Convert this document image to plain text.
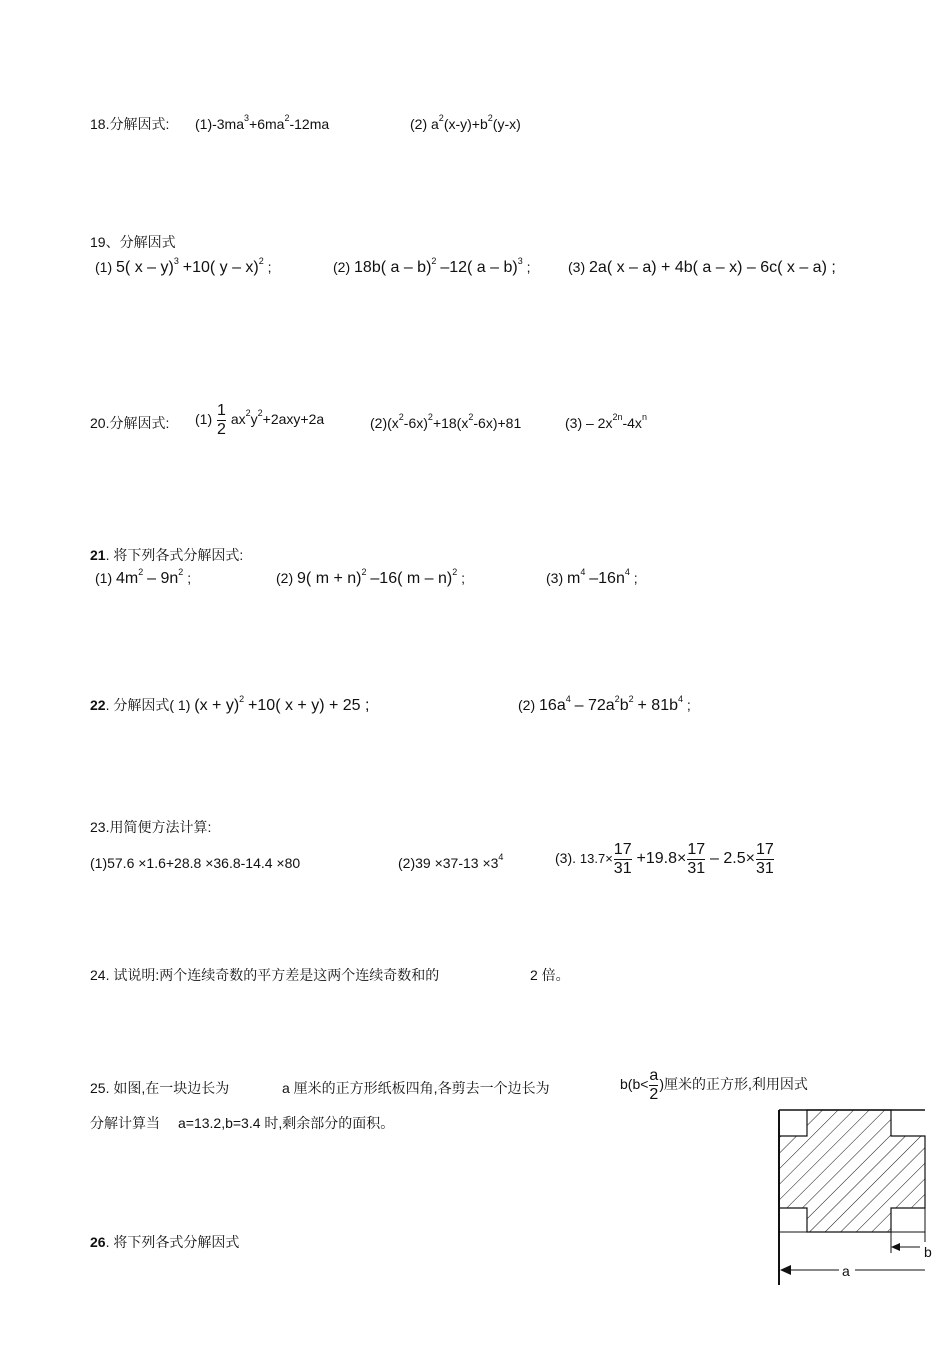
18.分解因式: $(1)-3ma^3+6ma^2-12ma$	(2) $a^2(x-y)+b^2(y-x)$
19、分解因式
(1) 5( x – y)$^3$ +10( y – x)$^2$ ;	(2) 18b( a – b)$^2$ –12( a – b)$^3$ ;	(3) 2a( x – a) + 4b( a – x) – 6c( x – a) ;
20.分解因式: $(1) \frac{1}{2} ax^2y^2+2axy+2a$	$(2)(x^2-6x)^2+18(x^2-6x)+81$	$(3) - 2x^{2n}-4x^n$
21. 将下列各式分解因式:
(1) $4m^2 - 9n^2$ ;	(2) 9( m + n)$^2$ –16( m – n)$^2$ ;	(3) $m^4$ $-16n^4$ ;
22. 分解因式( 1) $(x + y)^2 +10$( x + y) + 25 ;	(2) $16a^4 - 72a^2b^2 + 81b^4$ ;
23.用简便方法计算:
(1)57.6 ×1.6+28.8 ×36.8-14.4 ×80	$(2)39 \times 37-13 \times 3^4$	(3). $13.7\times \frac{17}{31} +19.8\times \frac{17}{31} - 2.5\times \frac{17}{31}$
24. 试说明:两个连续奇数的平方差是这两个连续奇数和的	2 倍。
25. 如图,在一块边长为	a 厘米的正方形纸板四角,各剪去一个边长为	$b(b< \frac{a}{2}$ )厘米的正方形,利用因式
分解计算当 a=13.2,b=3.4 时,剩余部分的面积。
b
a
26. 将下列各式分解因式
